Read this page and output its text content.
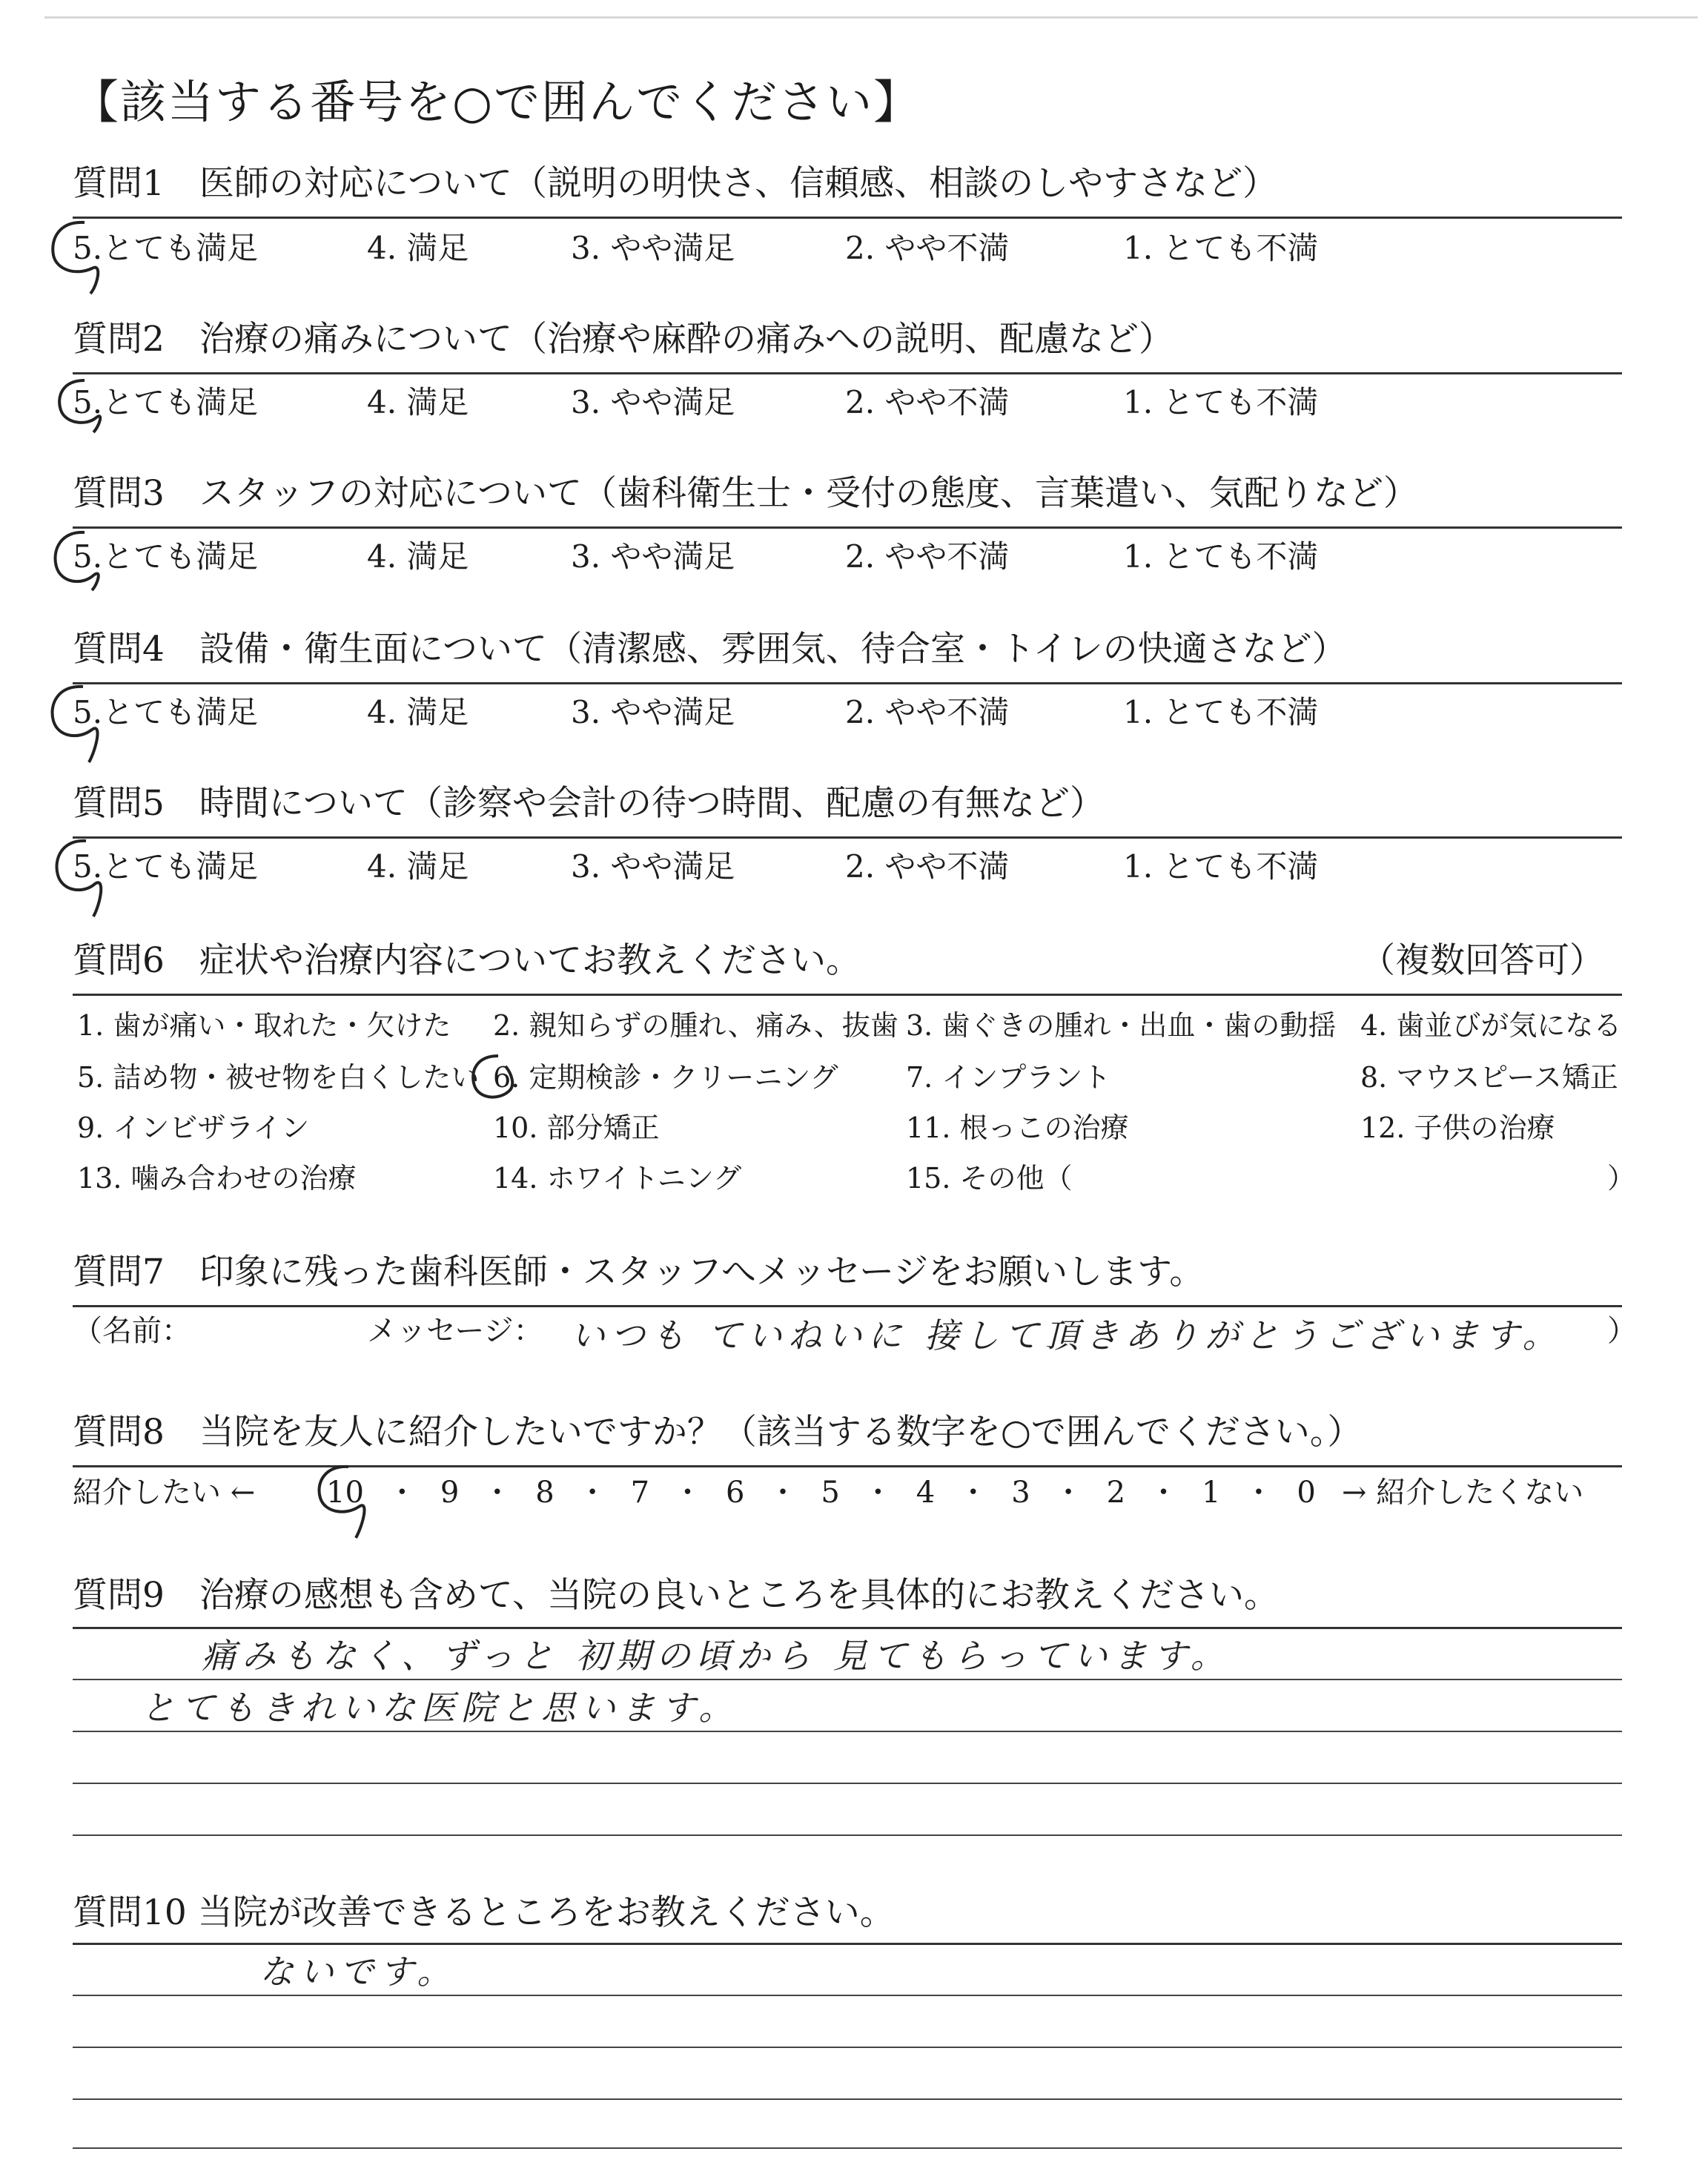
【該当する番号を○で囲んでください】
質問1　医師の対応について（説明の明快さ、信頼感、相談のしやすさなど）
5.とても満足	4. 満足	3. やや満足	2. やや不満	1. とても不満
質問2　治療の痛みについて（治療や麻酔の痛みへの説明、配慮など）
5.とても満足	4. 満足	3. やや満足	2. やや不満	1. とても不満
質問3　スタッフの対応について（歯科衛生士・受付の態度、言葉遣い、気配りなど）
5.とても満足	4. 満足	3. やや満足	2. やや不満	1. とても不満
質問4　設備・衛生面について（清潔感、雰囲気、待合室・トイレの快適さなど）
5.とても満足	4. 満足	3. やや満足	2. やや不満	1. とても不満
質問5　時間について（診察や会計の待つ時間、配慮の有無など）
5.とても満足	4. 満足	3. やや満足	2. やや不満	1. とても不満
質問6　症状や治療内容についてお教えください。	（複数回答可）
1. 歯が痛い・取れた・欠けた 2. 親知らずの腫れ、痛み、抜歯 3. 歯ぐきの腫れ・出血・歯の動揺 4. 歯並びが気になる
5. 詰め物・被せ物を白くしたい 6. 定期検診・クリーニング 7. インプラント	8. マウスピース矯正
9. インビザライン	10. 部分矯正	11. 根っこの治療	12. 子供の治療
13. 噛み合わせの治療	14. ホワイトニング	15. その他（	）
質問7　印象に残った歯科医師・スタッフへメッセージをお願いします。
（名前：	メッセージ： いつも ていねいに 接して頂きありがとうございます。 ）
質問8　当院を友人に紹介したいですか？（該当する数字を○で囲んでください。）
紹介したい ← 10 ・ 9 ・ 8 ・ 7 ・ 6 ・ 5 ・ 4 ・ 3 ・ 2 ・ 1 ・ 0 → 紹介したくない
質問9　治療の感想も含めて、当院の良いところを具体的にお教えください。
痛みもなく、ずっと 初期の頃から 見てもらっています。
とてもきれいな医院と思います。
質問10 当院が改善できるところをお教えください。
ないです。
